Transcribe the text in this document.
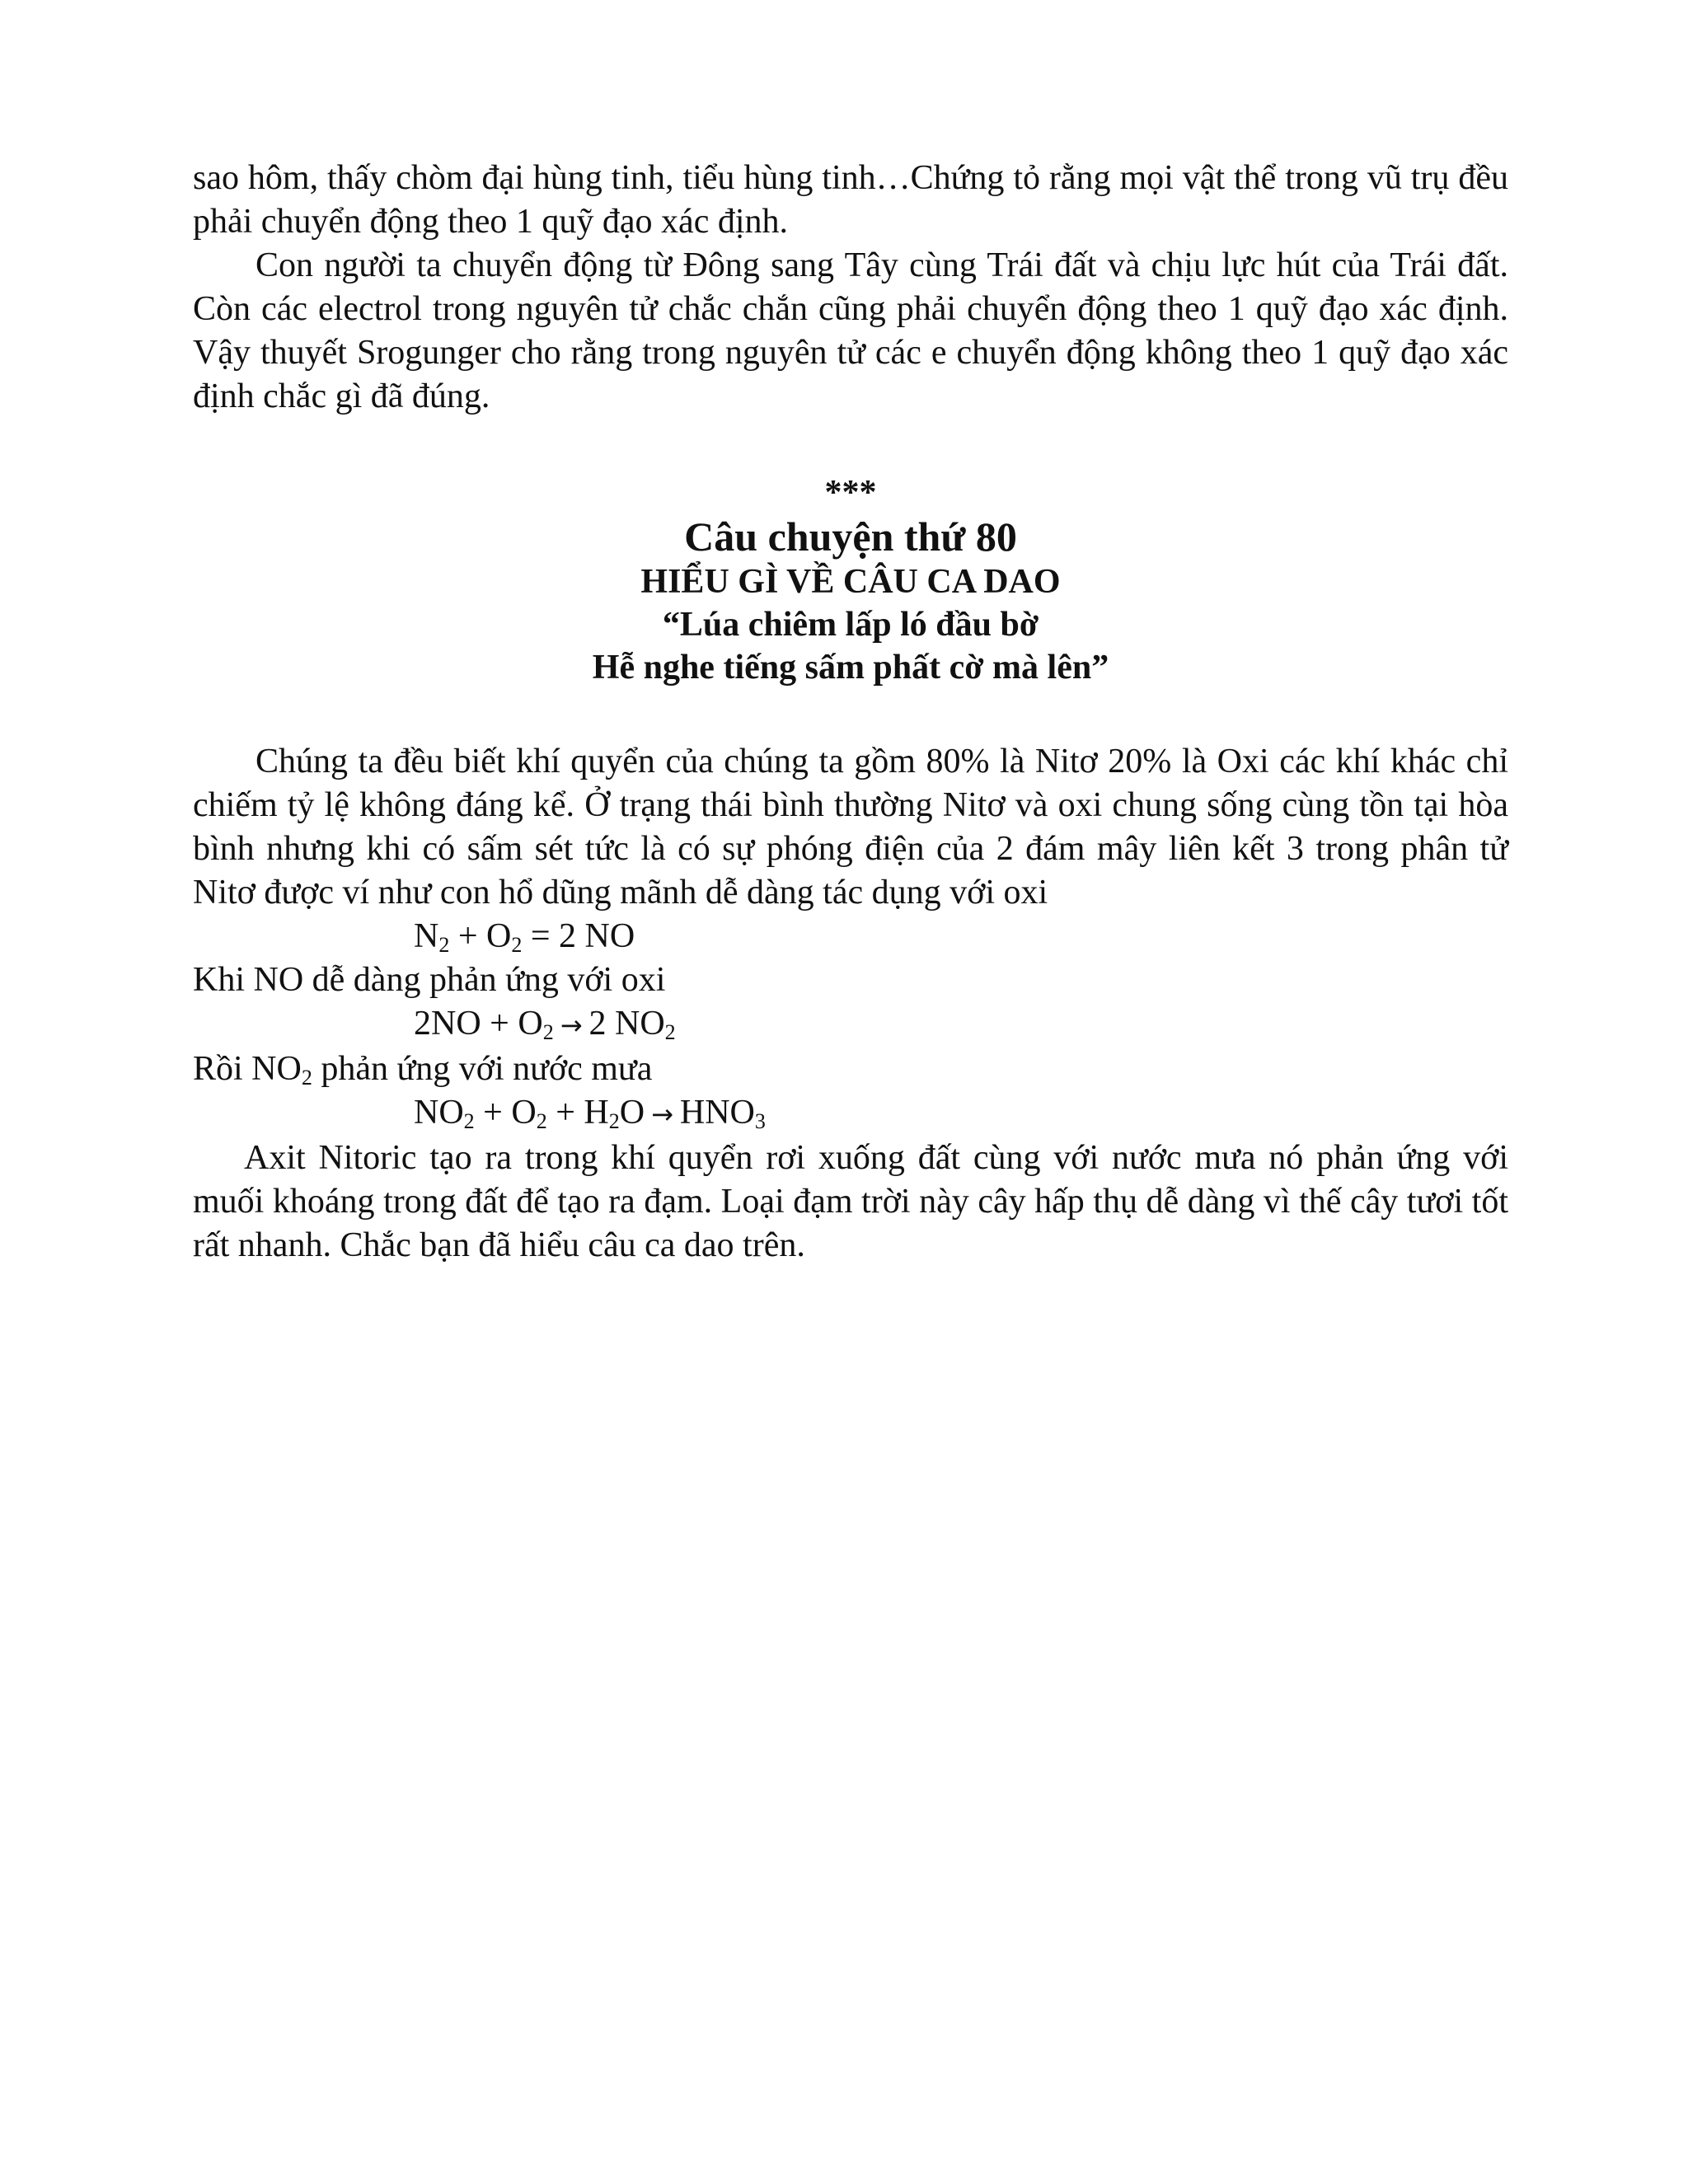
sao hôm, thấy chòm đại hùng tinh, tiểu hùng tinh…Chứng tỏ rằng mọi vật thể trong vũ trụ đều phải chuyển động theo 1 quỹ đạo xác định.

Con người ta chuyển động từ Đông sang Tây cùng Trái đất và chịu lực hút của Trái đất. Còn các electrol trong nguyên tử chắc chắn cũng phải chuyển động theo 1 quỹ đạo xác định. Vậy thuyết Srogunger cho rằng trong nguyên tử các e chuyển động không theo 1 quỹ đạo xác định chắc gì đã đúng.

***

Câu chuyện thứ 80

HIỂU GÌ VỀ CÂU CA DAO

“Lúa chiêm lấp ló đầu bờ

Hễ nghe tiếng sấm phất cờ mà lên”

Chúng ta đều biết khí quyển của chúng ta gồm 80% là Nitơ 20% là Oxi các khí khác chỉ chiếm tỷ lệ không đáng kể. Ở trạng thái bình thường Nitơ và oxi chung sống cùng tồn tại hòa bình nhưng khi có sấm sét tức là có sự phóng điện của 2 đám mây liên kết 3 trong phân tử Nitơ được ví như con hổ dũng mãnh dễ dàng tác dụng với oxi

$N_2 + O_2 = 2$ NO

Khi NO dễ dàng phản ứng với oxi

$2NO + O_2 \to 2$ $NO_2$

Rồi $NO_2$ phản ứng với nước mưa

$NO_2 + O_2 + H_2O \to HNO_3$

Axit Nitoric tạo ra trong khí quyển rơi xuống đất cùng với nước mưa nó phản ứng với muối khoáng trong đất để tạo ra đạm. Loại đạm trời này cây hấp thụ dễ dàng vì thế cây tươi tốt rất nhanh. Chắc bạn đã hiểu câu ca dao trên.
